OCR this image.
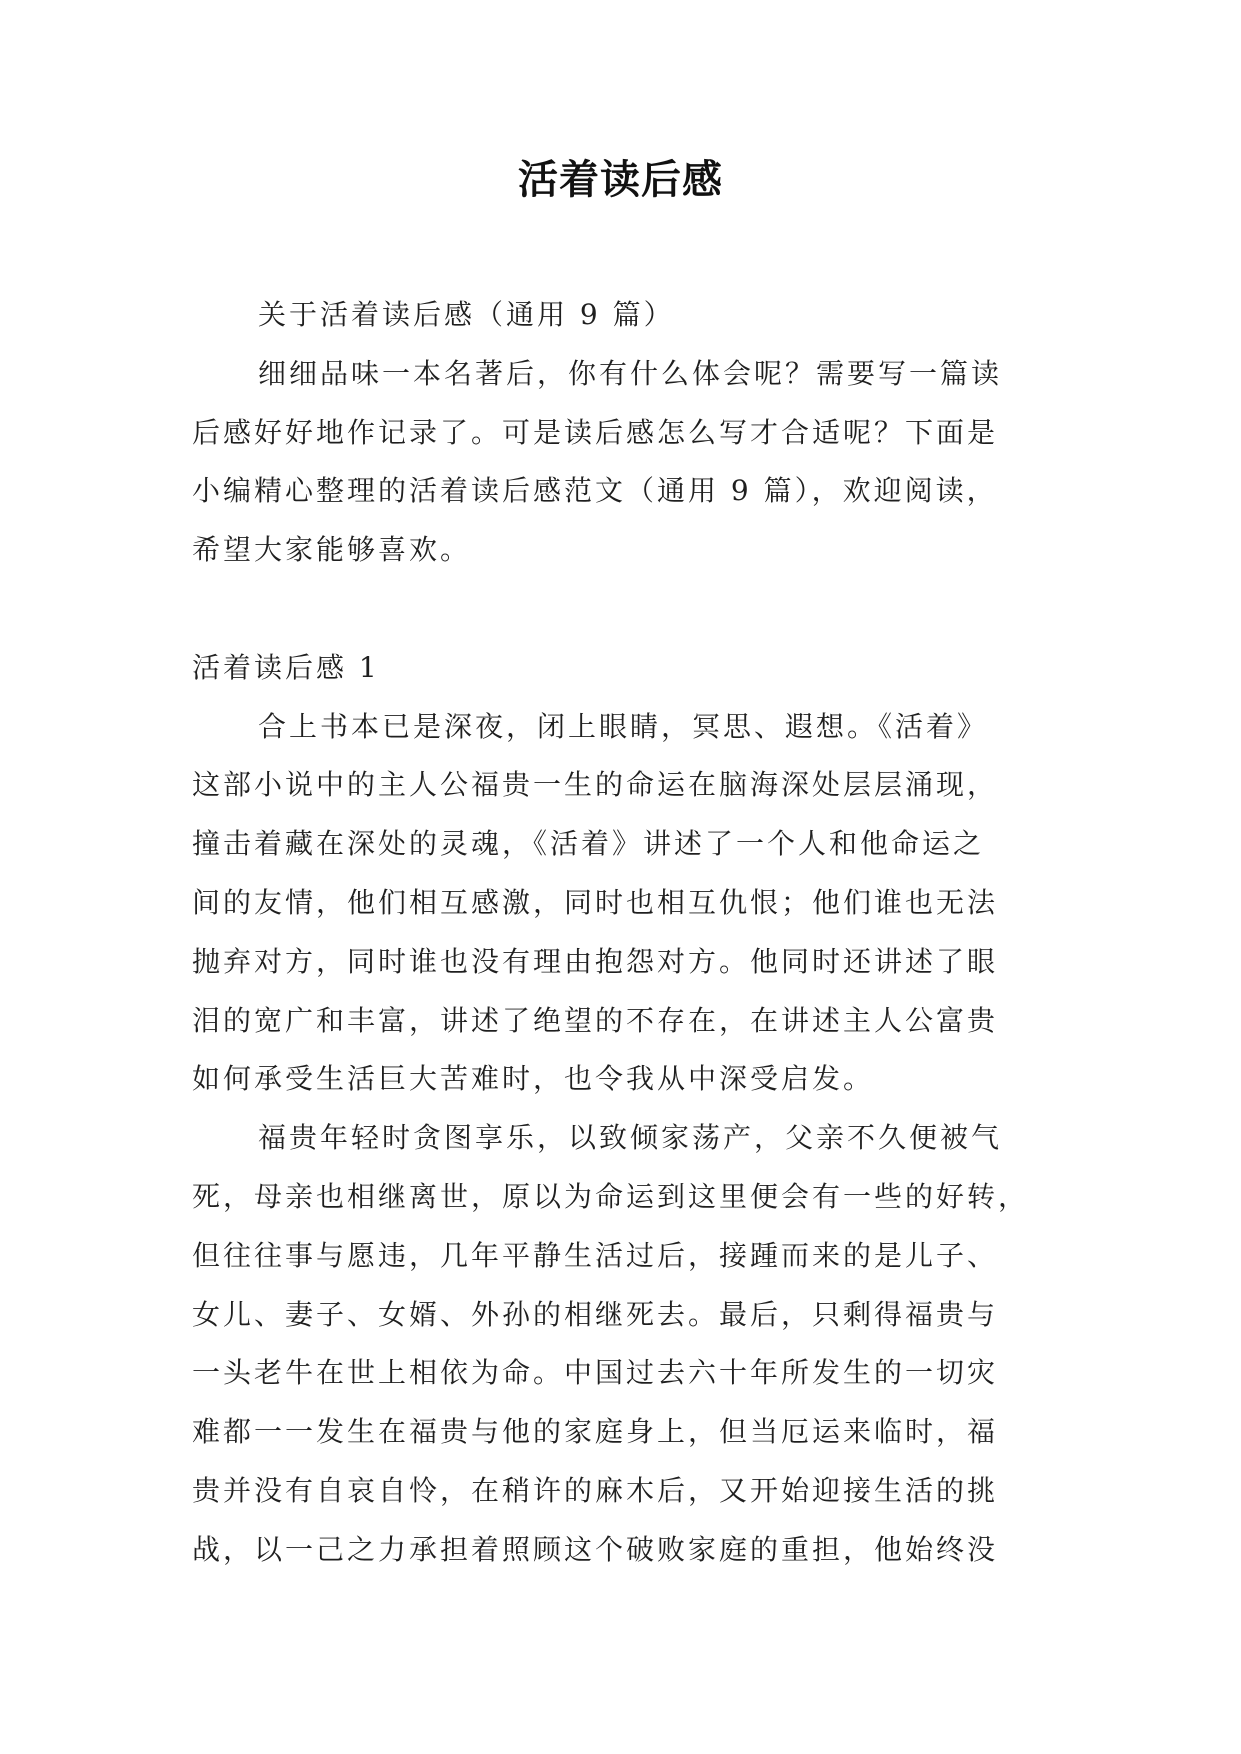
活着读后感
关于活着读后感（通用 9 篇）
细细品味一本名著后，你有什么体会呢？需要写一篇读
后感好好地作记录了。可是读后感怎么写才合适呢？下面是
小编精心整理的活着读后感范文（通用 9 篇），欢迎阅读，
希望大家能够喜欢。
活着读后感 1
合上书本已是深夜，闭上眼睛，冥思、遐想。《活着》
这部小说中的主人公福贵一生的命运在脑海深处层层涌现，
撞击着藏在深处的灵魂，《活着》讲述了一个人和他命运之
间的友情，他们相互感激，同时也相互仇恨；他们谁也无法
抛弃对方，同时谁也没有理由抱怨对方。他同时还讲述了眼
泪的宽广和丰富，讲述了绝望的不存在，在讲述主人公富贵
如何承受生活巨大苦难时，也令我从中深受启发。
福贵年轻时贪图享乐，以致倾家荡产，父亲不久便被气
死，母亲也相继离世，原以为命运到这里便会有一些的好转，
但往往事与愿违，几年平静生活过后，接踵而来的是儿子、
女儿、妻子、女婿、外孙的相继死去。最后，只剩得福贵与
一头老牛在世上相依为命。中国过去六十年所发生的一切灾
难都一一发生在福贵与他的家庭身上，但当厄运来临时，福
贵并没有自哀自怜，在稍许的麻木后，又开始迎接生活的挑
战，以一己之力承担着照顾这个破败家庭的重担，他始终没
